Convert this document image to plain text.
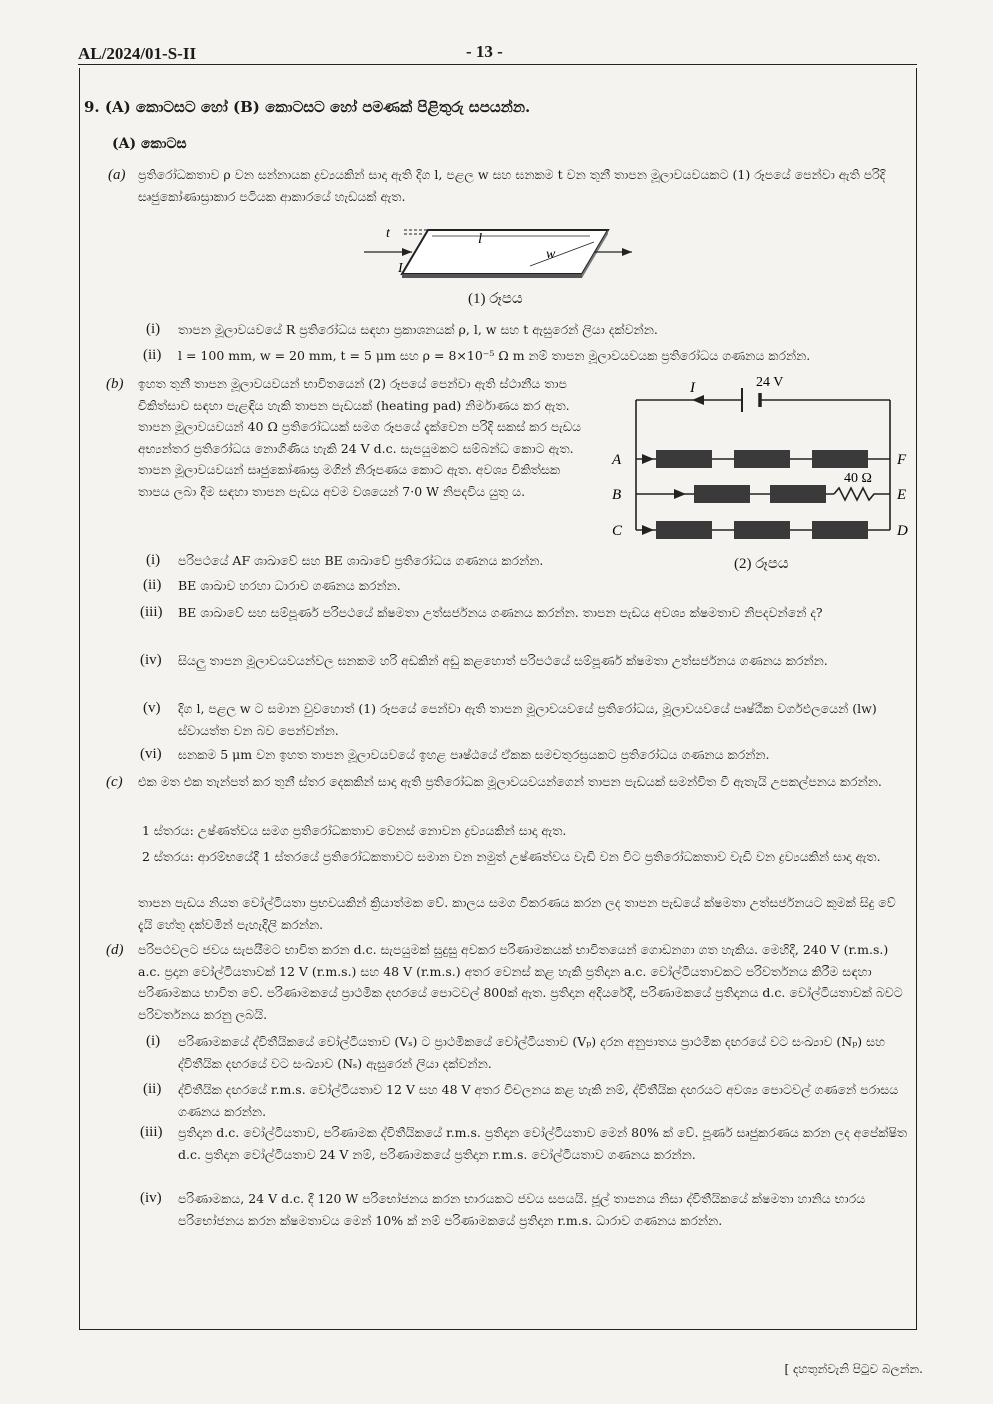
AL/2024/01-S-II	- 13 -
9. (A) කොටසට හෝ (B) කොටසට හෝ පමණක් පිළිතුරු සපයන්න.
(A) කොටස
(a) ප්‍රතිරෝධකතාව ρ වන සන්නායක ද්‍රව්‍යයකින් සාදා ඇති දිග l, පළල w සහ ඝනකම t වන තුනී තාපන මූලාවයවයකට (1) රූපයේ පෙන්වා ඇති පරිදි සෘජුකෝණාස්‍රාකාර පටියක ආකාරයේ හැඩයක් ඇත.
t	l
w
I
(1) රූපය
(i) තාපන මූලාවයවයේ R ප්‍රතිරෝධය සඳහා ප්‍රකාශනයක් ρ, l, w සහ t ඇසුරෙන් ලියා දක්වන්න.
(ii) l = 100 mm, w = 20 mm, t = 5 μm සහ ρ = 8×10⁻⁵ Ω m නම් තාපන මූලාවයවයක ප්‍රතිරෝධය ගණනය කරන්න.
(b) ඉහත තුනී තාපන මූලාවයවයන් භාවිතයෙන් (2) රූපයේ පෙන්වා ඇති ස්ථානීය තාප චිකිත්සාව සඳහා පැළඳිය හැකි තාපන පැඩයක් (heating pad) නිර්මාණය කර ඇත. තාපන මූලාවයවයන් 40 Ω ප්‍රතිරෝධයක් සමග රූපයේ දැක්වෙන පරිදි සකස් කර පැඩය අභ්‍යන්තර ප්‍රතිරෝධය නොගිණිය හැකි 24 V d.c. සැපයුමකට සම්බන්ධ කොට ඇත. තාපන මූලාවයවයන් සෘජුකෝණාස්‍ර මගින් නිරූපණය කොට ඇත. අවශ්‍ය චිකිත්සක තාපය ලබා දීම සඳහා තාපන පැඩය අවම වශයෙන් 7·0 W නිපදවිය යුතු ය.
I	24 V
40 Ω
A
B
C
F
E
D
(2) රූපය
(i) පරිපථයේ AF ශාඛාවේ සහ BE ශාඛාවේ ප්‍රතිරෝධය ගණනය කරන්න.
(ii) BE ශාඛාව හරහා ධාරාව ගණනය කරන්න.
(iii) BE ශාඛාවේ සහ සම්පූර්ණ පරිපථයේ ක්ෂමතා උත්සර්ජනය ගණනය කරන්න. තාපන පැඩය අවශ්‍ය ක්ෂමතාව නිපදවන්නේ ද?
(iv) සියලු තාපන මූලාවයවයන්වල ඝනකම හරි අඩකින් අඩු කළහොත් පරිපථයේ සම්පූර්ණ ක්ෂමතා උත්සර්ජනය ගණනය කරන්න.
(v) දිග l, පළල w ට සමාන වුවහොත් (1) රූපයේ පෙන්වා ඇති තාපන මූලාවයවයේ ප්‍රතිරෝධය, මූලාවයවයේ පෘෂ්ඨීක වර්ගඵලයෙන් (lw) ස්වායත්ත වන බව පෙන්වන්න.
(vi) ඝනකම 5 μm වන ඉහත තාපන මූලාවයවයේ ඉහළ පෘෂ්ඨයේ ඒකක සමචතුරස්‍රයකට ප්‍රතිරෝධය ගණනය කරන්න.
(c) එක මත එක තැන්පත් කර තුනී ස්තර දෙකකින් සාදා ඇති ප්‍රතිරෝධක මූලාවයවයන්ගෙන් තාපන පැඩයක් සමන්විත වී ඇතැයි උපකල්පනය කරන්න.
1 ස්තරය: උෂ්ණත්වය සමග ප්‍රතිරෝධකතාව වෙනස් නොවන ද්‍රව්‍යයකින් සාදා ඇත.
2 ස්තරය: ආරම්භයේදී 1 ස්තරයේ ප්‍රතිරෝධකතාවට සමාන වන නමුත් උෂ්ණත්වය වැඩි වන විට ප්‍රතිරෝධකතාව වැඩි වන ද්‍රව්‍යයකින් සාදා ඇත.
තාපන පැඩය නියත වෝල්ටීයතා ප්‍රභවයකින් ක්‍රියාත්මක වේ. කාලය සමග විකරණය කරන ලද තාපන පැඩයේ ක්ෂමතා උත්සර්ජනයට කුමක් සිදු වේ දැයි හේතු දක්වමින් පැහැදිලි කරන්න.
(d) පරිපථවලට ජවය සැපයීමට භාවිත කරන d.c. සැපයුමක් සුදුසු අවකර පරිණාමකයක් භාවිතයෙන් ගොඩනගා ගත හැකිය. මෙහිදී, 240 V (r.m.s.) a.c. ප්‍රදාන වෝල්ටීයතාවක් 12 V (r.m.s.) සහ 48 V (r.m.s.) අතර වෙනස් කළ හැකි ප්‍රතිදාන a.c. වෝල්ටීයතාවකට පරිවර්තනය කිරීම සඳහා පරිණාමකය භාවිත වේ. පරිණාමකයේ ප්‍රාථමික දඟරයේ පොටවල් 800ක් ඇත. ප්‍රතිදාන අදියරේදී, පරිණාමකයේ ප්‍රතිදානය d.c. වෝල්ටීයතාවක් බවට පරිවර්තනය කරනු ලබයි.
(i) පරිණාමකයේ ද්විතීයිකයේ වෝල්ටීයතාව (Vₛ) ට ප්‍රාථමිකයේ වෝල්ටීයතාව (Vₚ) දරන අනුපාතය ප්‍රාථමික දඟරයේ වට සංඛ්‍යාව (Nₚ) සහ ද්විතීයික දඟරයේ වට සංඛ්‍යාව (Nₛ) ඇසුරෙන් ලියා දක්වන්න.
(ii) ද්විතීයික දඟරයේ r.m.s. වෝල්ටීයතාව 12 V සහ 48 V අතර විචලනය කළ හැකි නම්, ද්විතීයික දඟරයට අවශ්‍ය පොටවල් ගණනේ පරාසය ගණනය කරන්න.
(iii) ප්‍රතිදාන d.c. වෝල්ටීයතාව, පරිණාමක ද්විතීයිකයේ r.m.s. ප්‍රතිදාන වෝල්ටීයතාව මෙන් 80% ක් වේ. පූර්ණ සෘජුකරණය කරන ලද අපේක්ෂිත d.c. ප්‍රතිදාන වෝල්ටීයතාව 24 V නම්, පරිණාමකයේ ප්‍රතිදාන r.m.s. වෝල්ටීයතාව ගණනය කරන්න.
(iv) පරිණාමකය, 24 V d.c. දී 120 W පරිභෝජනය කරන භාරයකට ජවය සපයයි. ජූල් තාපනය නිසා ද්විතීයිකයේ ක්ෂමතා හානිය භාරය පරිභෝජනය කරන ක්ෂමතාවය මෙන් 10% ක් නම් පරිණාමකයේ ප්‍රතිදාන r.m.s. ධාරාව ගණනය කරන්න.
[ දහතුන්වැනි පිටුව බලන්න.
